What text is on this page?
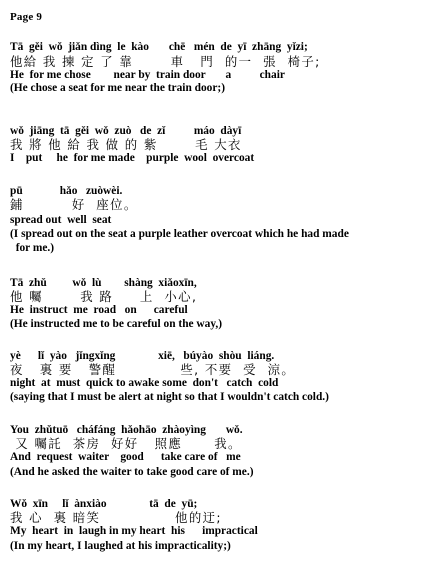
Page 9
Tā  gěi  wǒ  jiǎn dìng  le  kào       chē   mén  de  yī  zhāng  yǐzi;
他給 我 揀 定 了 靠       車   門  的一  張  椅子;
He  for me chose        near by  train door       a          chair
(He chose a seat for me near the train door;)
wǒ  jiāng  tā  gěi  wǒ  zuò   de  zǐ          máo  dàyī
我 將 他 給 我 做 的 紫       毛 大衣
I    put     he  for me made    purple  wool  overcoat
pū             hǎo   zuòwèi.
鋪         好  座位。
spread out  well  seat
(I spread out on the seat a purple leather overcoat which he had made
for me.)
Tā  zhǔ         wǒ  lù        shàng  xiǎoxīn,
他 囑       我 路     上  小心,
He  instruct  me  road   on      careful
(He instructed me to be careful on the way,)
yè      lǐ  yào   jǐngxǐng               xiē,   búyào  shòu  liáng.
夜   裏 要   警醒            些, 不要  受  涼。
night  at  must  quick to awake some  don't   catch  cold
(saying that I must be alert at night so that I wouldn't catch cold.)
You  zhǔtuō   cháfáng  hǎohāo  zhàoyìng       wǒ.
又 囑託  茶房  好好   照應      我。
And  request  waiter    good      take care of   me
(And he asked the waiter to take good care of me.)
Wǒ  xīn     lǐ  ànxiào               tā  de  yū;
我 心  裏 暗笑              他的迂;
My  heart  in  laugh in my heart  his      impractical
(In my heart, I laughed at his impracticality;)
